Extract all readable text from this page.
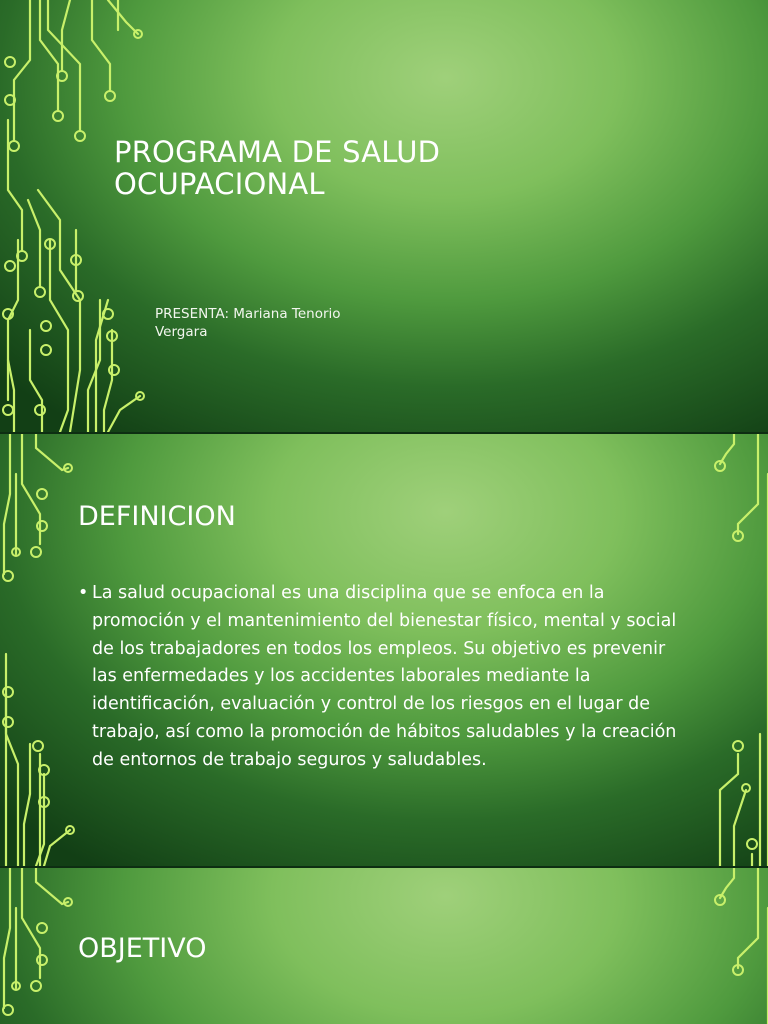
PROGRAMA DE SALUD OCUPACIONAL
PRESENTA: Mariana Tenorio Vergara
DEFINICION
• La salud ocupacional es una disciplina que se enfoca en la promoción y el mantenimiento del bienestar físico, mental y social de los trabajadores en todos los empleos. Su objetivo es prevenir las enfermedades y los accidentes laborales mediante la identificación, evaluación y control de los riesgos en el lugar de trabajo, así como la promoción de hábitos saludables y la creación de entornos de trabajo seguros y saludables.
OBJETIVO
